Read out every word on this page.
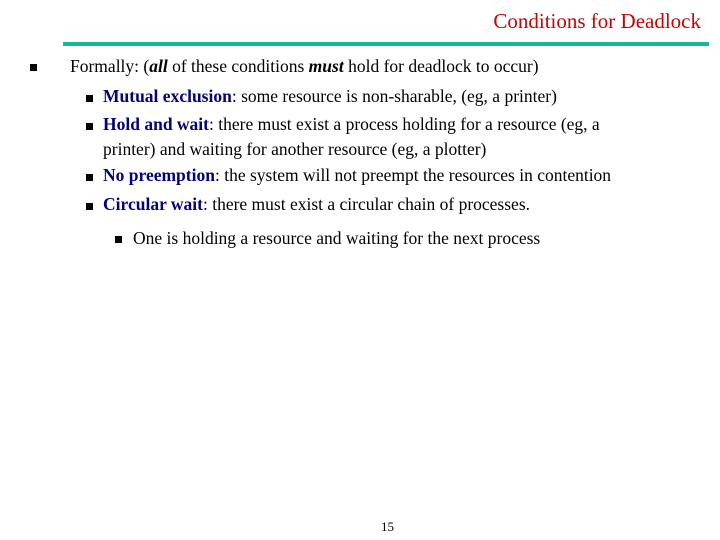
Conditions for Deadlock
Formally: (all of these conditions must hold for deadlock to occur)
Mutual exclusion: some resource is non-sharable, (eg, a printer)
Hold and wait: there must exist a process holding for a resource (eg, a
printer) and waiting for another resource (eg, a plotter)
No preemption: the system will not preempt the resources in contention
Circular wait: there must exist a circular chain of processes.
One is holding a resource and waiting for the next process
15
